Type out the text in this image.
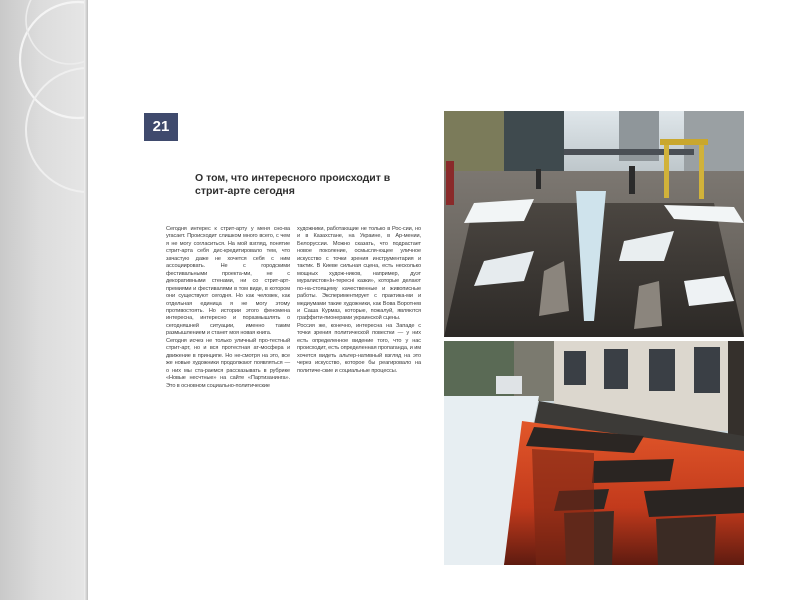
21
О том, что интересного происходит в стрит-арте сегодня

Сегодня интерес к стрит-арту у меня сно-ва угасает. Происходит слишком много всего, с чем я не могу согласиться. На мой взгляд, понятие стрит-арта себя дис-кредитировало тем, что зачастую даже не хочется себя с ним ассоциировать. Не с городскими фестивальными проекта-ми, не с декоративными стенами, ни со стрит-арт-премиями и фестивалями в том виде, в котором они существуют сегодня. Но как человек, как отдельная единица я не могу этому противостоять. Но истории этого феномена интересна, интересно и поразмышлять о сегодняшней ситуации, именно таким размышлением и станет моя новая книга.

Сегодня исчез не только уличный про-тестный стрит-арт, но и вся протестная ат-мосфера и движение в принципе. Но не-смотря на это, все же новые художники продолжают появляться — о них мы ста-раемся рассказывать в рубрике «Новые несчтные» на сайте «Партизанинга». Это в основном социально-политические

художники, работающие не только в Рос-сии, но и в Казахстане, на Украине, в Ар-мении, Белоруссии. Можно сказать, что подрастает новое поколение, осмысля-ющее уличное искусство с точки зрения инструментария и тактик. В Киеве сильная сцена, есть несколько мощных худож-ников, например, дуэт муралистов«Ін-тересні казки», которые делают по-на-стоящему качественные и живописные работы. Экспериментирует с практика-ми и медиумами такие художники, как Вова Воротнев и Саша Курмаз, которые, пожалуй, являются граффити-пионерами украинской сцены.

Россия же, конечно, интересна на Западе с точки зрения политической повестки — у них есть определенное видение того, что у нас происходит, есть определенная пропаганда, и им хочется видеть альтер-нативный взгляд на это через искусство, которое бы реагировало на политиче-ские и социальные процессы.
